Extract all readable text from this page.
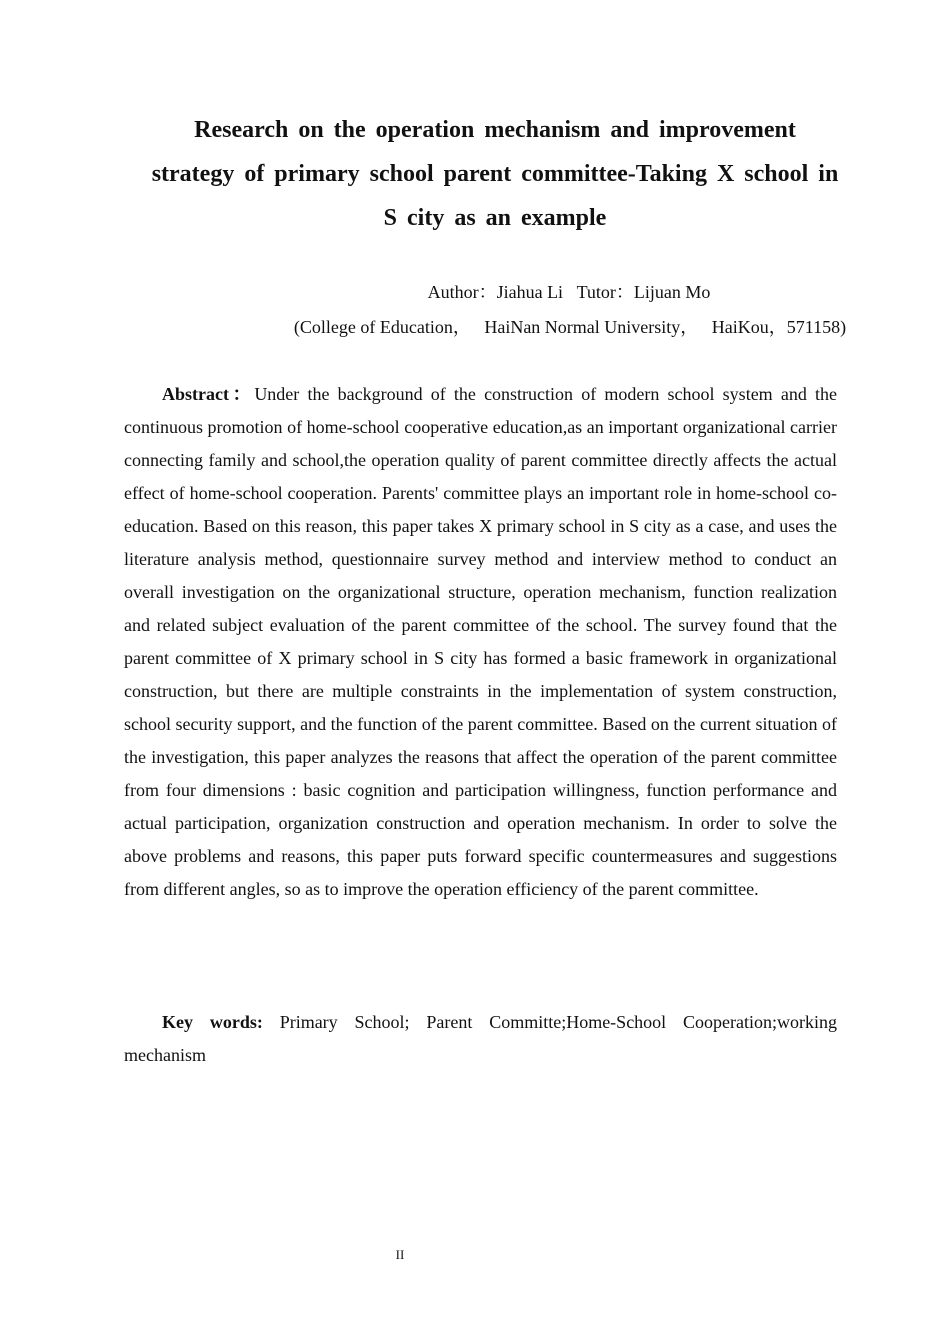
Research on the operation mechanism and improvement strategy of primary school parent committee-Taking X school in S city as an example
Author：Jiahua Li Tutor：Lijuan Mo
(College of Education， HaiNan Normal University， HaiKou，571158)

Abstract：Under the background of the construction of modern school system and the continuous promotion of home-school cooperative education,as an important organizational carrier connecting family and school,the operation quality of parent committee directly affects the actual effect of home-school cooperation. Parents' committee plays an important role in home-school co-education. Based on this reason, this paper takes X primary school in S city as a case, and uses the literature analysis method, questionnaire survey method and interview method to conduct an overall investigation on the organizational structure, operation mechanism, function realization and related subject evaluation of the parent committee of the school. The survey found that the parent committee of X primary school in S city has formed a basic framework in organizational construction, but there are multiple constraints in the implementation of system construction, school security support, and the function of the parent committee. Based on the current situation of the investigation, this paper analyzes the reasons that affect the operation of the parent committee from four dimensions : basic cognition and participation willingness, function performance and actual participation, organization construction and operation mechanism. In order to solve the above problems and reasons, this paper puts forward specific countermeasures and suggestions from different angles, so as to improve the operation efficiency of the parent committee.

Key words: Primary School; Parent Committe;Home-School Cooperation;working mechanism

II
